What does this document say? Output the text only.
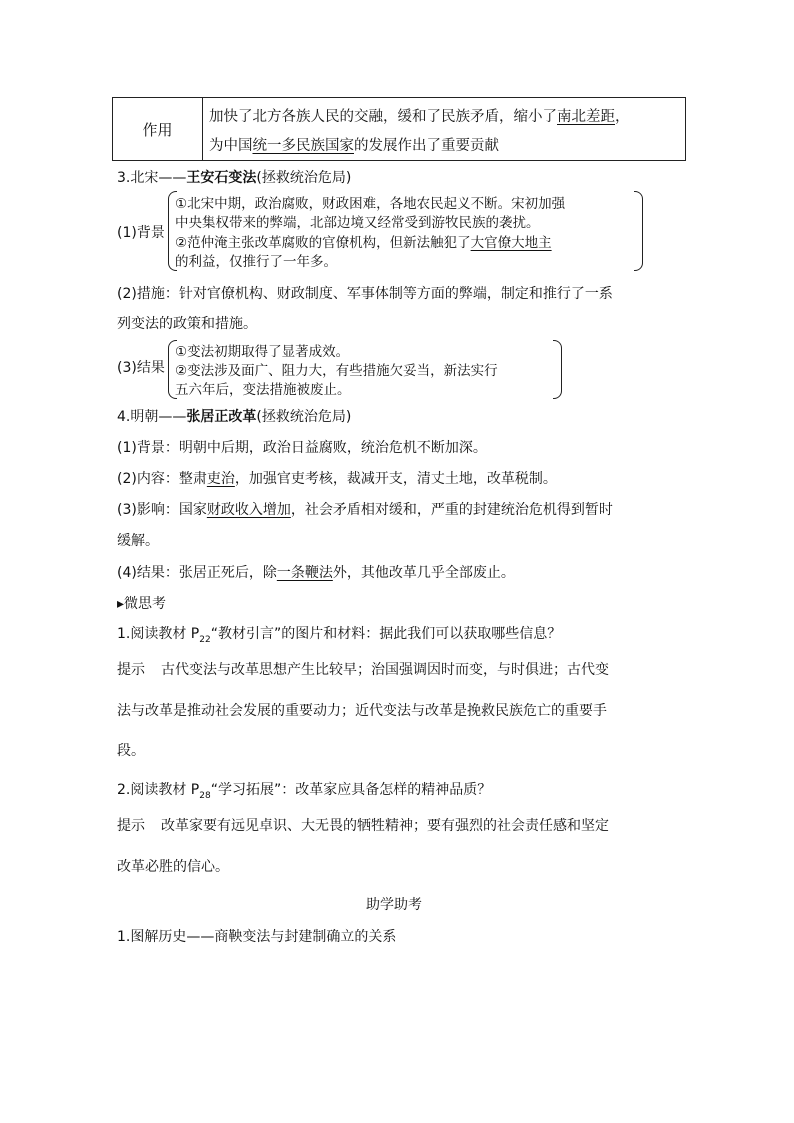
作用
加快了北方各族人民的交融，缓和了民族矛盾，缩小了南北差距，
为中国统一多民族国家的发展作出了重要贡献
3.北宋——王安石变法(拯救统治危局)
(1)背景
①北宋中期，政治腐败，财政困难，各地农民起义不断。宋初加强
中央集权带来的弊端，北部边境又经常受到游牧民族的袭扰。
②范仲淹主张改革腐败的官僚机构，但新法触犯了大官僚大地主
的利益，仅推行了一年多。
(2)措施：针对官僚机构、财政制度、军事体制等方面的弊端，制定和推行了一系
列变法的政策和措施。
(3)结果
①变法初期取得了显著成效。
②变法涉及面广、阻力大，有些措施欠妥当，新法实行
五六年后，变法措施被废止。
4.明朝——张居正改革(拯救统治危局)
(1)背景：明朝中后期，政治日益腐败，统治危机不断加深。
(2)内容：整肃吏治，加强官吏考核，裁减开支，清丈土地，改革税制。
(3)影响：国家财政收入增加，社会矛盾相对缓和，严重的封建统治危机得到暂时
缓解。
(4)结果：张居正死后，除一条鞭法外，其他改革几乎全部废止。
▸微思考
1.阅读教材 $P_{22}“$教材引言”的图片和材料：据此我们可以获取哪些信息？
提示 古代变法与改革思想产生比较早；治国强调因时而变，与时俱进；古代变
法与改革是推动社会发展的重要动力；近代变法与改革是挽救民族危亡的重要手
段。
2.阅读教材 $P_{28}“$学习拓展”：改革家应具备怎样的精神品质？
提示 改革家要有远见卓识、大无畏的牺牲精神；要有强烈的社会责任感和坚定
改革必胜的信心。
助学助考
1.图解历史——商鞅变法与封建制确立的关系
